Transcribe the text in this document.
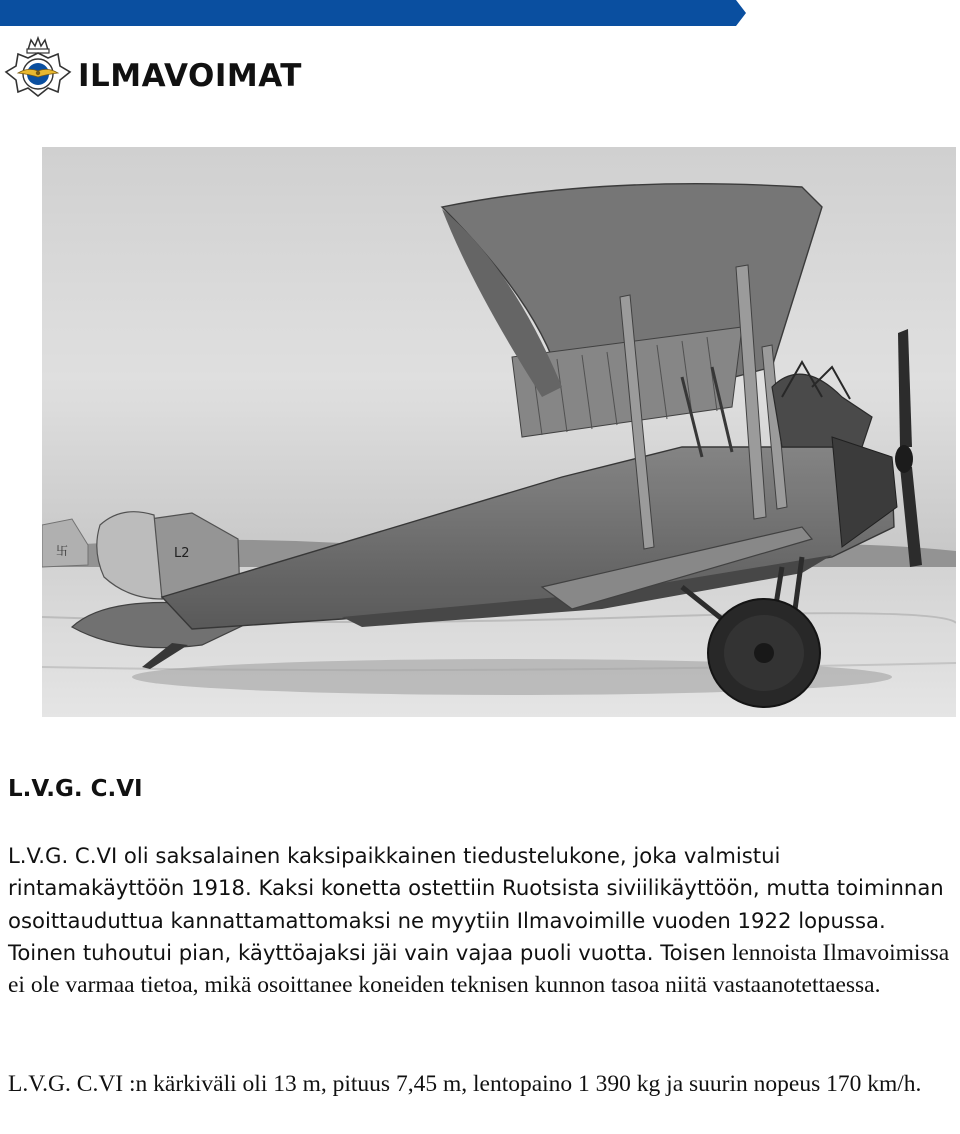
ILMAVOIMAT
卐	L2
L.V.G. C.VI

L.V.G. C.VI oli saksalainen kaksipaikkainen tiedustelukone, joka valmistui rintamakäyttöön 1918. Kaksi konetta ostettiin Ruotsista siviilikäyttöön, mutta toiminnan osoittauduttua kannattamattomaksi ne myytiin Ilmavoimille vuoden 1922 lopussa. Toinen tuhoutui pian, käyttöajaksi jäi vain vajaa puoli vuotta. Toisen lennoista Ilmavoimissa ei ole varmaa tietoa, mikä osoittanee koneiden teknisen kunnon tasoa niitä vastaanotettaessa.

L.V.G. C.VI :n kärkiväli oli 13 m, pituus 7,45 m, lentopaino 1 390 kg ja suurin nopeus 170 km/h.
